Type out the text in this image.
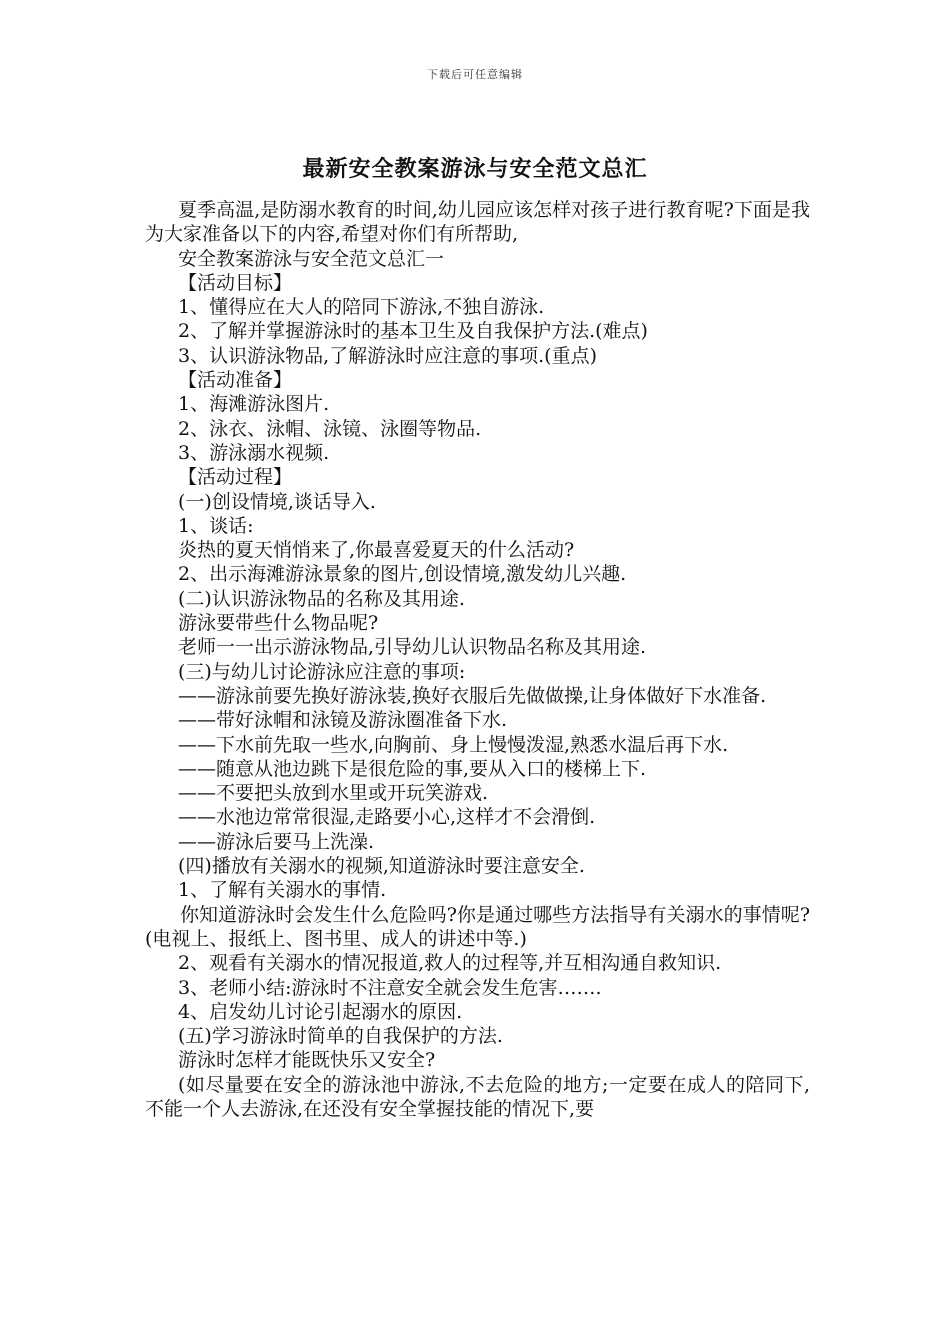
下载后可任意编辑
最新安全教案游泳与安全范文总汇

夏季高温,是防溺水教育的时间,幼儿园应该怎样对孩子进行教育呢?下面是我为大家准备以下的内容,希望对你们有所帮助,

安全教案游泳与安全范文总汇一

【活动目标】

1、懂得应在大人的陪同下游泳,不独自游泳.

2、了解并掌握游泳时的基本卫生及自我保护方法.(难点)

3、认识游泳物品,了解游泳时应注意的事项.(重点)

【活动准备】

1、海滩游泳图片.

2、泳衣、泳帽、泳镜、泳圈等物品.

3、游泳溺水视频.

【活动过程】

(一)创设情境,谈话导入.

1、谈话:

炎热的夏天悄悄来了,你最喜爱夏天的什么活动?

2、出示海滩游泳景象的图片,创设情境,激发幼儿兴趣.

(二)认识游泳物品的名称及其用途.

游泳要带些什么物品呢?

老师一一出示游泳物品,引导幼儿认识物品名称及其用途.

(三)与幼儿讨论游泳应注意的事项:

——游泳前要先换好游泳装,换好衣服后先做做操,让身体做好下水准备.

——带好泳帽和泳镜及游泳圈准备下水.

——下水前先取一些水,向胸前、身上慢慢泼湿,熟悉水温后再下水.

——随意从池边跳下是很危险的事,要从入口的楼梯上下.

——不要把头放到水里或开玩笑游戏.

——水池边常常很湿,走路要小心,这样才不会滑倒.

——游泳后要马上洗澡.

(四)播放有关溺水的视频,知道游泳时要注意安全.

1、了解有关溺水的事情.

你知道游泳时会发生什么危险吗?你是通过哪些方法指导有关溺水的事情呢?(电视上、报纸上、图书里、成人的讲述中等.)

2、观看有关溺水的情况报道,救人的过程等,并互相沟通自救知识.

3、老师小结:游泳时不注意安全就会发生危害…….

4、启发幼儿讨论引起溺水的原因.

(五)学习游泳时简单的自我保护的方法.

游泳时怎样才能既快乐又安全?

(如尽量要在安全的游泳池中游泳,不去危险的地方;一定要在成人的陪同下,不能一个人去游泳,在还没有安全掌握技能的情况下,要
